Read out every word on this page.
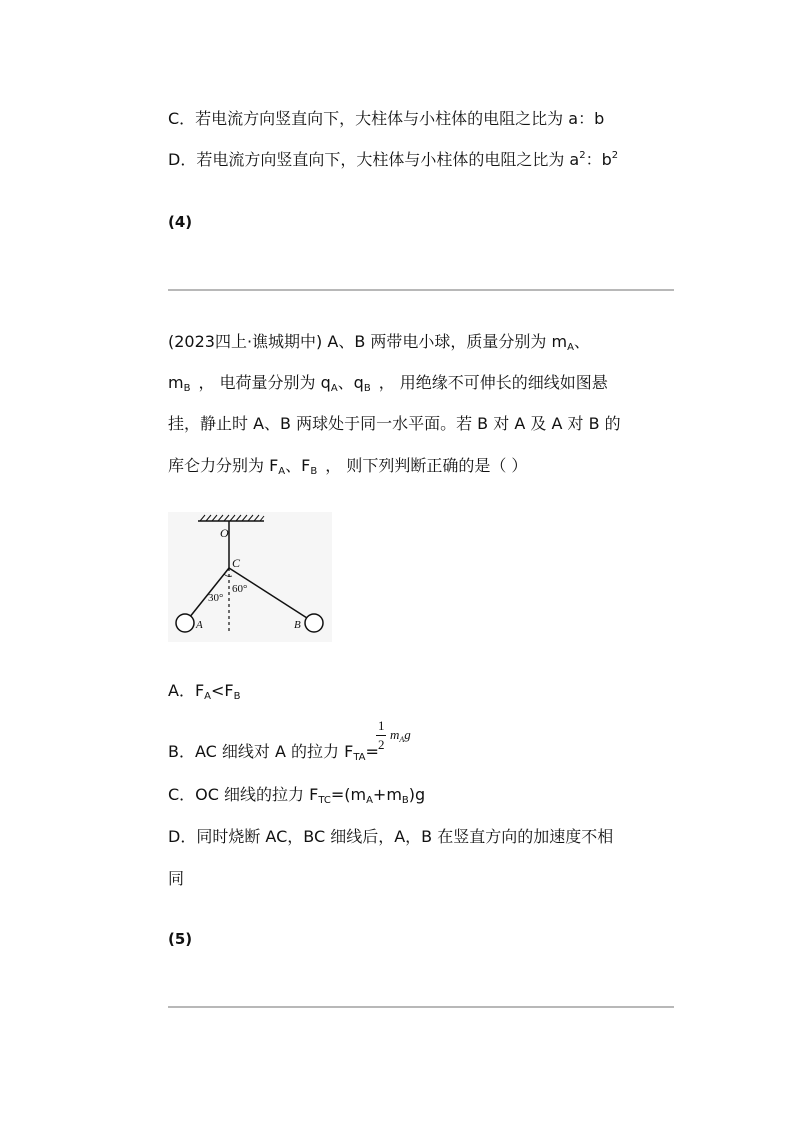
C．若电流方向竖直向下，大柱体与小柱体的电阻之比为 a：b
D．若电流方向竖直向下，大柱体与小柱体的电阻之比为 $a^2$：$b^2$
(4)
(2023四上·谯城期中) A、B 两带电小球，质量分别为 $m_A$、
$m_B$ ， 电荷量分别为 $q_A$、$q_B$ ， 用绝缘不可伸长的细线如图悬
挂，静止时 A、B 两球处于同一水平面。若 B 对 A 及 A 对 B 的
库仑力分别为 $F_A$、$F_B$ ， 则下列判断正确的是（ ）
O
C
A	B
30°
60°
A．$F_A<F_B$
B．AC 细线对 A 的拉力 $F_{TA}=$
1
2
$m_Ag$
C．OC 细线的拉力 $F_{TC}=(m_A+m_B)g$
D．同时烧断 AC，BC 细线后，A，B 在竖直方向的加速度不相
同
(5)
